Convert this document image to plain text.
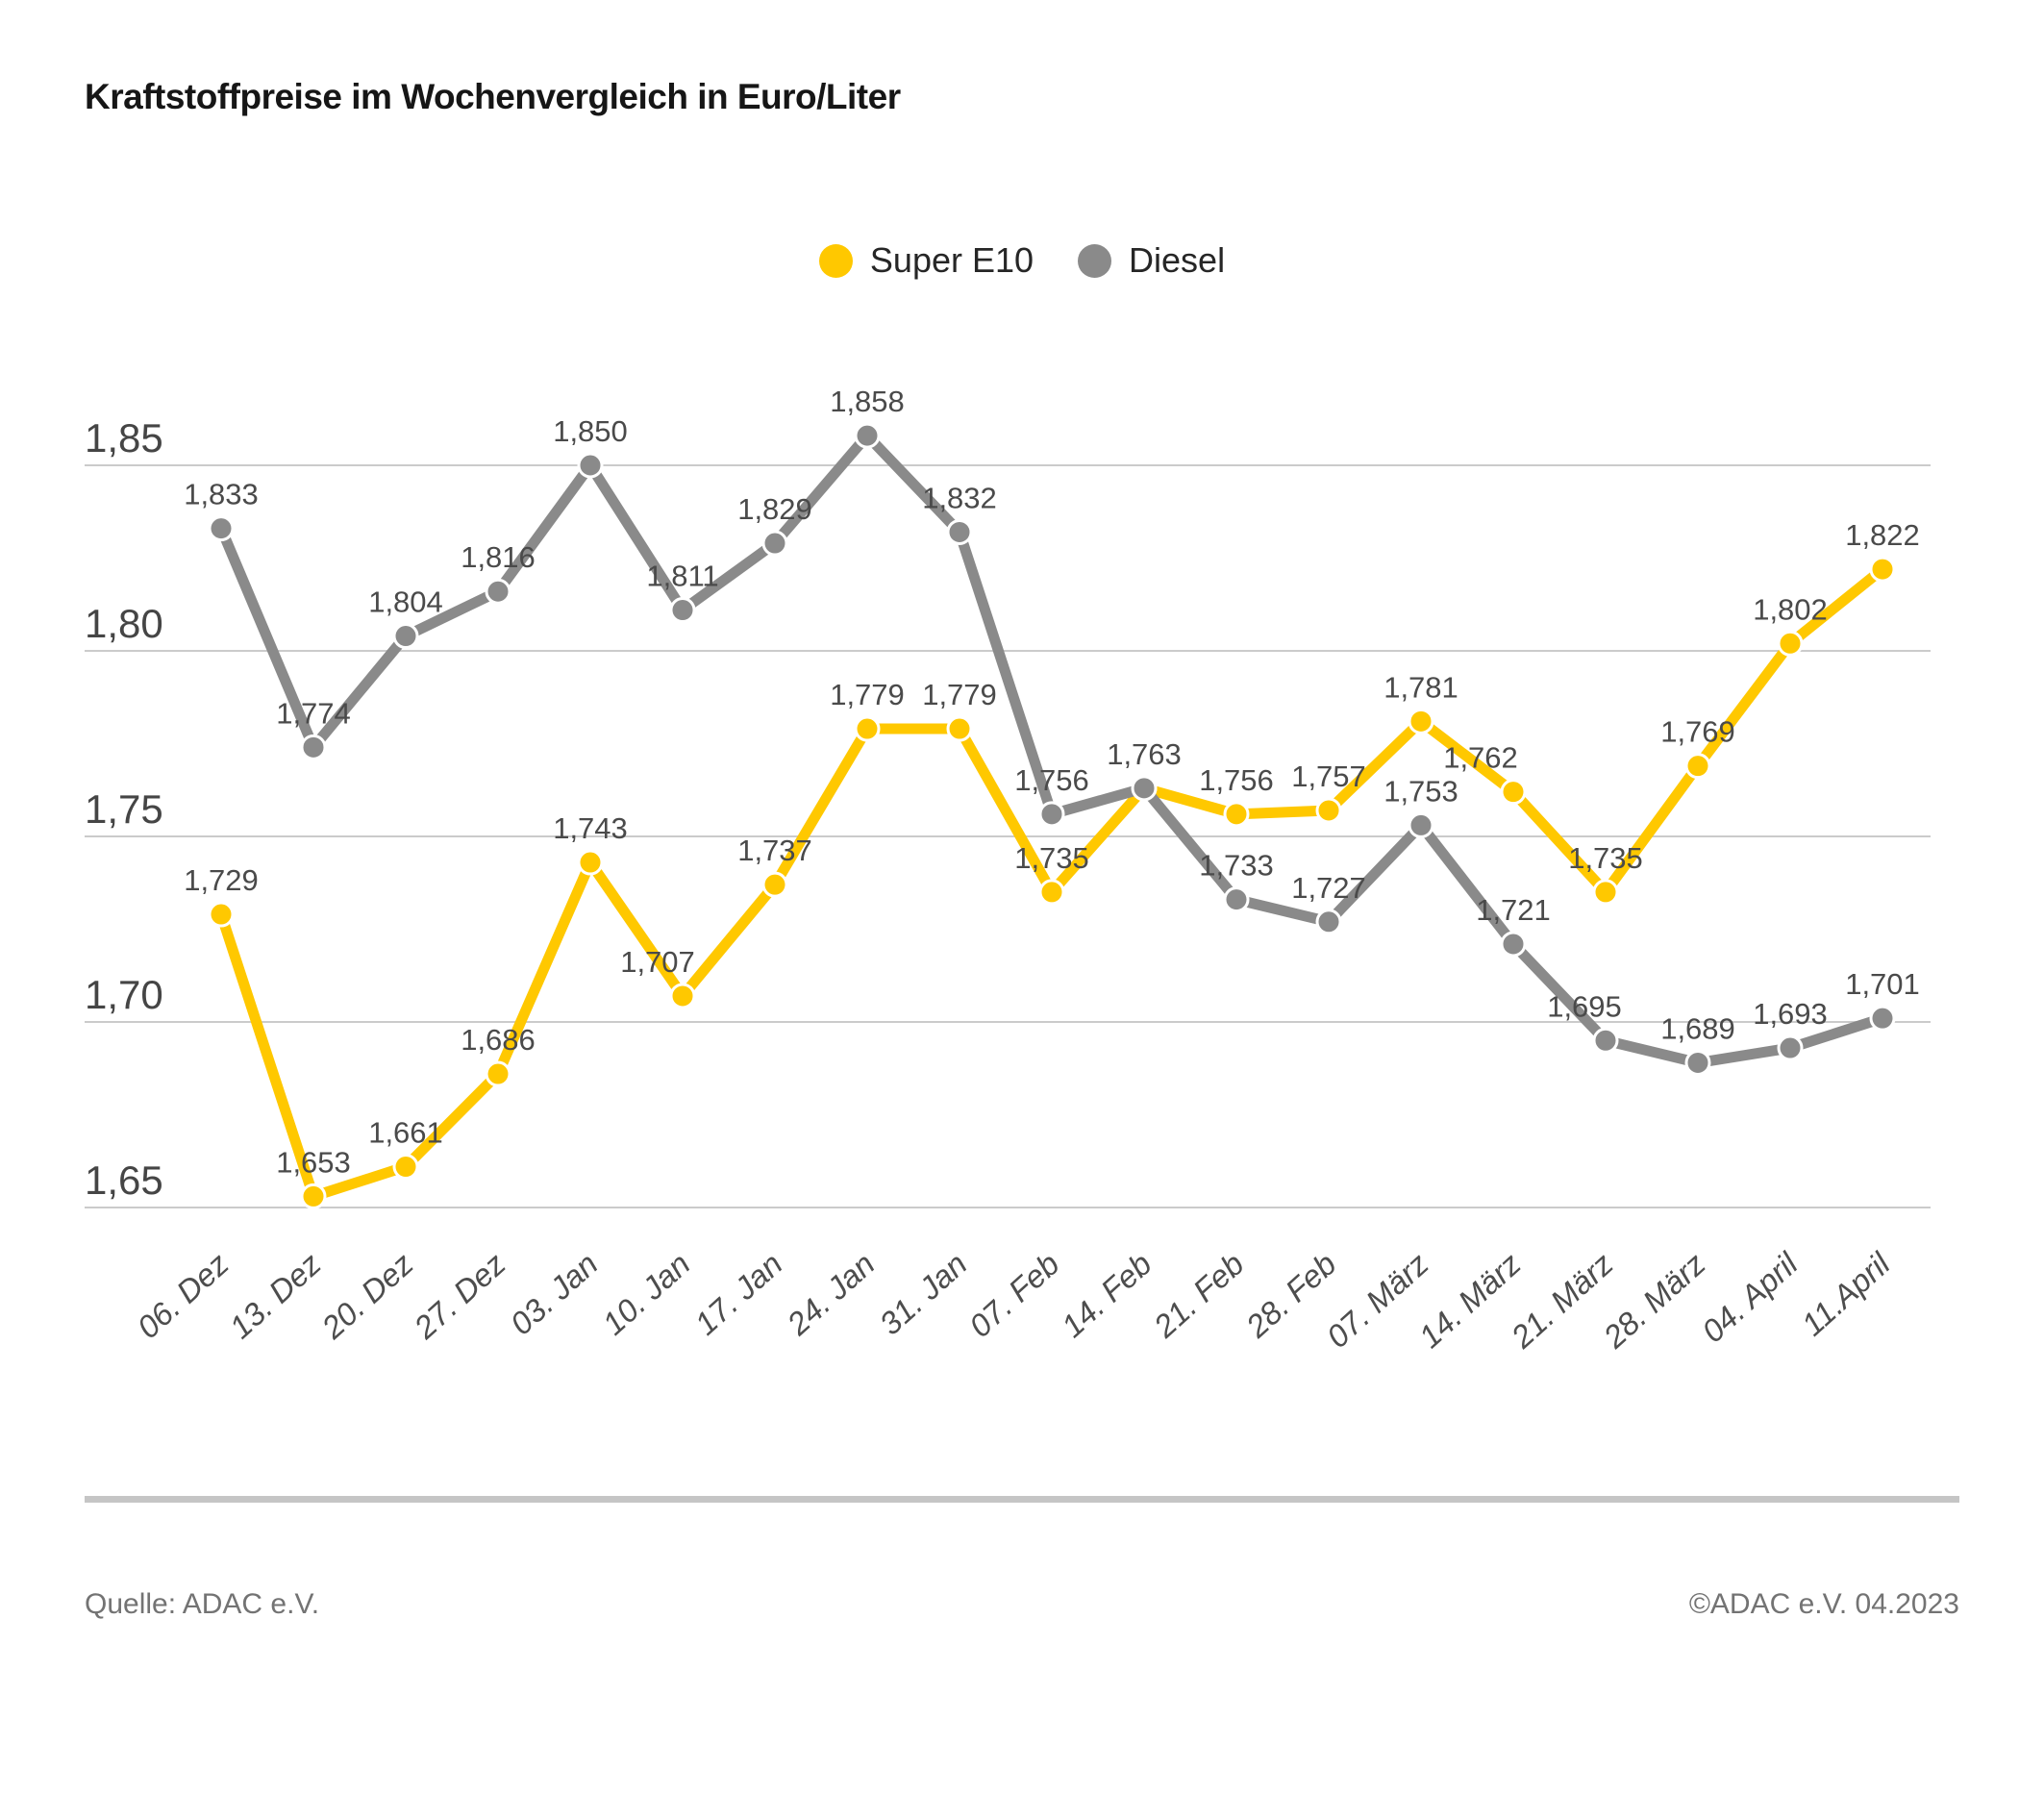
Kraftstoffpreise im Wochenvergleich in Euro/Liter
Super E10	Diesel
1,85
1,80
1,75
1,70
1,65
1,729
1,653
1,661
1,686
1,743
1,707
1,737
1,779 1,779
1,735
1,756 1,757
1,781
1,762
1,735
1,769
1,802
1,822
1,833
1,774
1,804
1,816
1,850
1,811
1,829
1,858
1,832
1,756
1,763
1,733
1,727
1,753
1,721
1,695
1,689 1,693
1,701
06. Dez
13. Dez
20. Dez
27. Dez
03. Jan
10. Jan
17. Jan
24. Jan
31. Jan
07. Feb
14. Feb
21. Feb
28. Feb
07. März
14. März
21. März
28. März
04. April
11.April
Quelle: ADAC e.V.	©ADAC e.V. 04.2023
